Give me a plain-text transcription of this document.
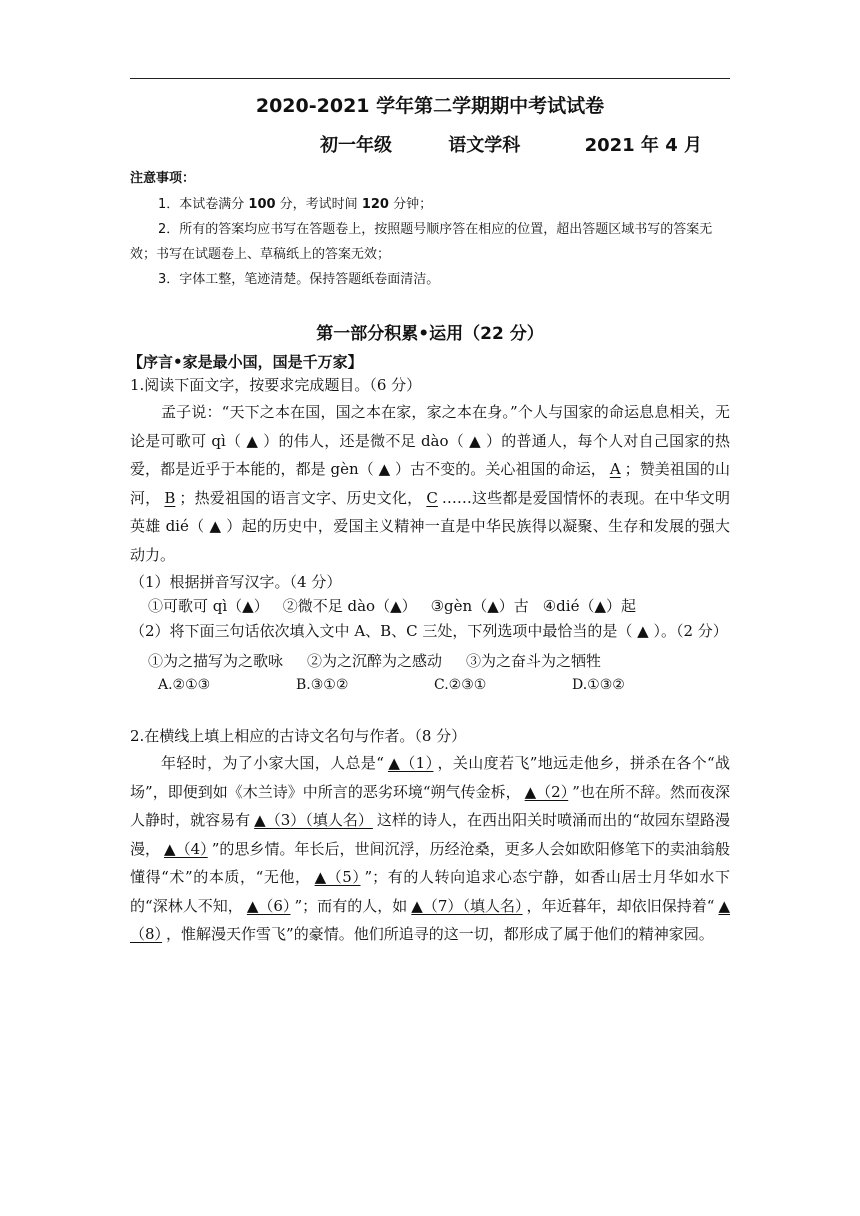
2020-2021 学年第二学期期中考试试卷
初一年级	语文学科	2021 年 4 月
注意事项：
1．本试卷满分 100 分，考试时间 120 分钟；
2．所有的答案均应书写在答题卷上，按照题号顺序答在相应的位置，超出答题区域书写的答案无效；书写在试题卷上、草稿纸上的答案无效；
3．字体工整，笔迹清楚。保持答题纸卷面清洁。
第一部分积累•运用（22 分）
【序言•家是最小国，国是千万家】
1.阅读下面文字，按要求完成题目。（6 分）
孟子说：“天下之本在国，国之本在家，家之本在身。”个人与国家的命运息息相关，无论是可歌可 qì（ ▲ ）的伟人，还是微不足 dào（ ▲ ）的普通人，每个人对自己国家的热爱，都是近乎于本能的，都是 gèn（ ▲ ）古不变的。关心祖国的命运， A ；赞美祖国的山河， B ；热爱祖国的语言文字、历史文化， C ……这些都是爱国情怀的表现。在中华文明英雄 dié（ ▲ ）起的历史中，爱国主义精神一直是中华民族得以凝聚、生存和发展的强大动力。
（1）根据拼音写汉字。（4 分）
①可歌可 qì（▲） ②微不足 dào（▲） ③gèn（▲）古 ④dié（▲）起
（2）将下面三句话依次填入文中 A、B、C 三处，下列选项中最恰当的是（ ▲ ）。（2 分）
①为之描写为之歌咏 ②为之沉醉为之感动 ③为之奋斗为之牺牲
A.②①③	B.③①②	C.②③①	D.①③②
2.在横线上填上相应的古诗文名句与作者。（8 分）
年轻时，为了小家大国，人总是“ ▲（1） ，关山度若飞”地远走他乡，拼杀在各个“战场”，即便到如《木兰诗》中所言的恶劣环境“朔气传金柝， ▲（2） ”也在所不辞。然而夜深人静时，就容易有 ▲（3）（填人名） 这样的诗人，在西出阳关时喷涌而出的“故园东望路漫漫， ▲（4） ”的思乡情。年长后，世间沉浮，历经沧桑，更多人会如欧阳修笔下的卖油翁般懂得“术”的本质，“无他， ▲（5） ”；有的人转向追求心态宁静，如香山居士月华如水下的“深林人不知， ▲（6） ”；而有的人，如 ▲（7）（填人名） ，年近暮年，却依旧保持着“ ▲（8） ，惟解漫天作雪飞”的豪情。他们所追寻的这一切，都形成了属于他们的精神家园。
